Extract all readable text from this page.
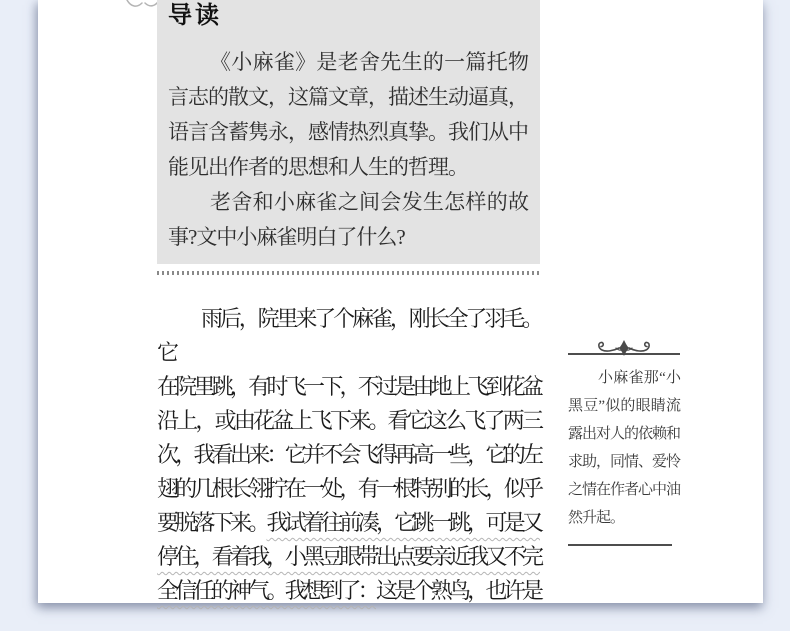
导读

《小麻雀》是老舍先生的一篇托物言志的散文，这篇文章，描述生动逼真，语言含蓄隽永，感情热烈真挚。我们从中能见出作者的思想和人生的哲理。

老舍和小麻雀之间会发生怎样的故事?文中小麻雀明白了什么?

雨后，院里来了个麻雀，刚长全了羽毛。它
在院里跳，有时飞一下，不过是由地上飞到花盆
沿上，或由花盆上飞下来。看它这么飞了两三
次，我看出来：它并不会飞得再高一些，它的左
翅的几根长翎拧在一处，有一根特别的长，似乎
要脱落下来。我试着往前凑，它跳一跳，可是又
停住，看着我，小黑豆眼带出点要亲近我又不完
全信任的神气。我想到了：这是个熟鸟，也许是

小麻雀那“小黑豆”似的眼睛流露出对人的依赖和求助，同情、爱怜之情在作者心中油然升起。
